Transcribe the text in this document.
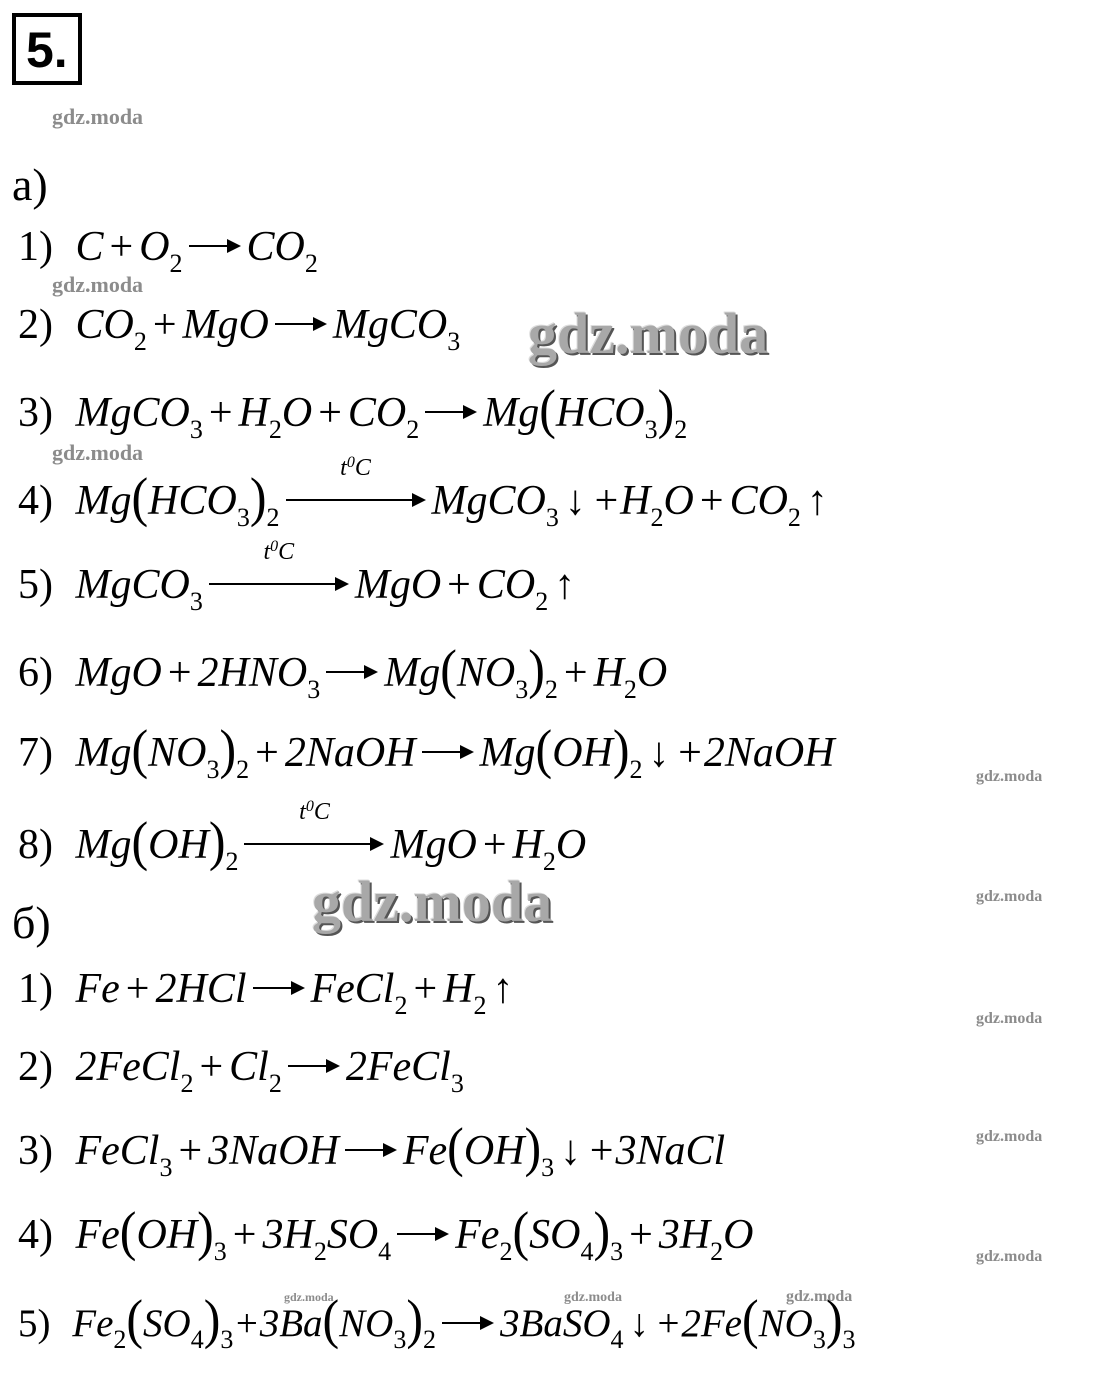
5.
gdz.moda
а)
1) $C + O_2$ $CO_2$
gdz.moda
2) $CO_2$ + MgO MgCO$_3$ gdz.moda
3) MgCO$_3$ + $H_2O + CO_2$ $Mg(HCO_3)_2$
gdz.moda
4) $Mg(HCO_3)_2$
$t^0C$
MgCO$_3$ ↓ $+H_2O + CO_2$ ↑
5) MgCO$_3$
$t^0C$
MgO + $CO_2$ ↑
6) MgO + $2HNO_3$ $Mg(NO_3)_2 + H_2O$
7) $Mg(NO_3)_2$ + 2NaOH $Mg(OH)_2$ ↓ +2NaOH
gdz.moda
8) $Mg(OH)_2$
$t^0C$
MgO + $H_2O$
gdz.moda	gdz.moda
б)
1) Fe + 2HCl FeCl$_2$ + $H_2$ ↑
gdz.moda
2) 2FeCl$_2$ + $Cl_2$ 2FeCl$_3$
3) FeCl$_3$ + 3NaOH $Fe(OH)_3$ ↓ +3NaCl	gdz.moda
4) $Fe(OH)_3 + 3H_2SO_4$ $Fe_2(SO_4)_3 + 3H_2O$	gdz.moda
5) $Fe_2(SO_4)_3+3Ba(NO_3)_2$ 3BaSO$_4$ ↓ $+2Fe(NO_3)_3$
gdz.moda	gdz.moda	gdz.moda
